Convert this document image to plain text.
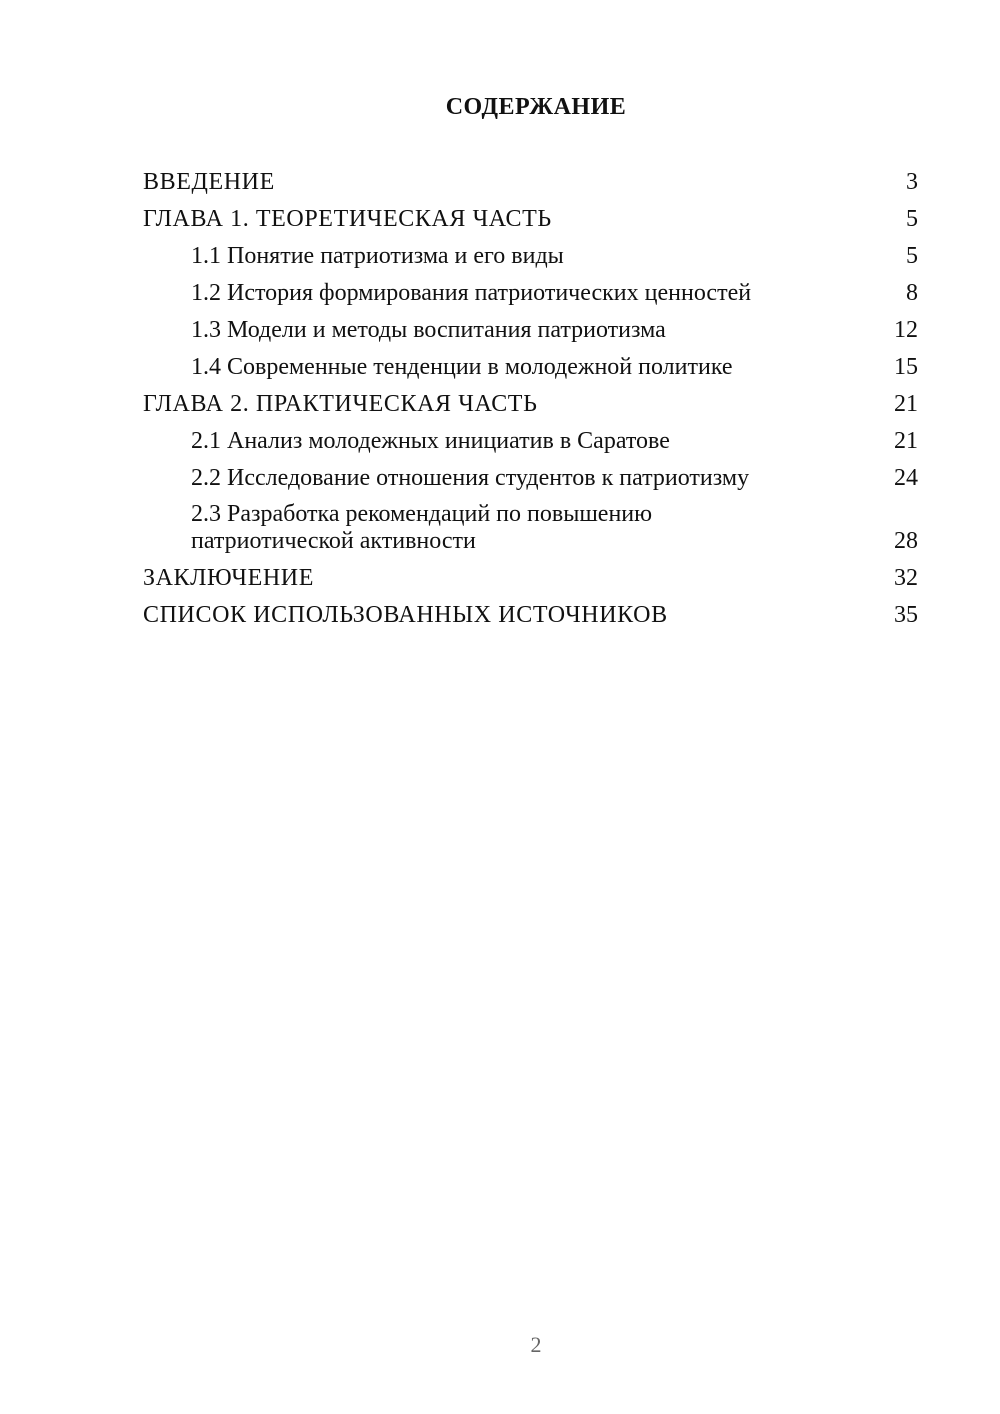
СОДЕРЖАНИЕ
ВВЕДЕНИЕ	3
ГЛАВА 1. ТЕОРЕТИЧЕСКАЯ ЧАСТЬ	5
1.1 Понятие патриотизма и его виды	5
1.2 История формирования патриотических ценностей	8
1.3 Модели и методы воспитания патриотизма	12
1.4 Современные тенденции в молодежной политике	15
ГЛАВА 2. ПРАКТИЧЕСКАЯ ЧАСТЬ	21
2.1 Анализ молодежных инициатив в Саратове	21
2.2 Исследование отношения студентов к патриотизму	24
2.3 Разработка рекомендаций по повышению
патриотической активности	28
ЗАКЛЮЧЕНИЕ	32
СПИСОК ИСПОЛЬЗОВАННЫХ ИСТОЧНИКОВ	35
2
